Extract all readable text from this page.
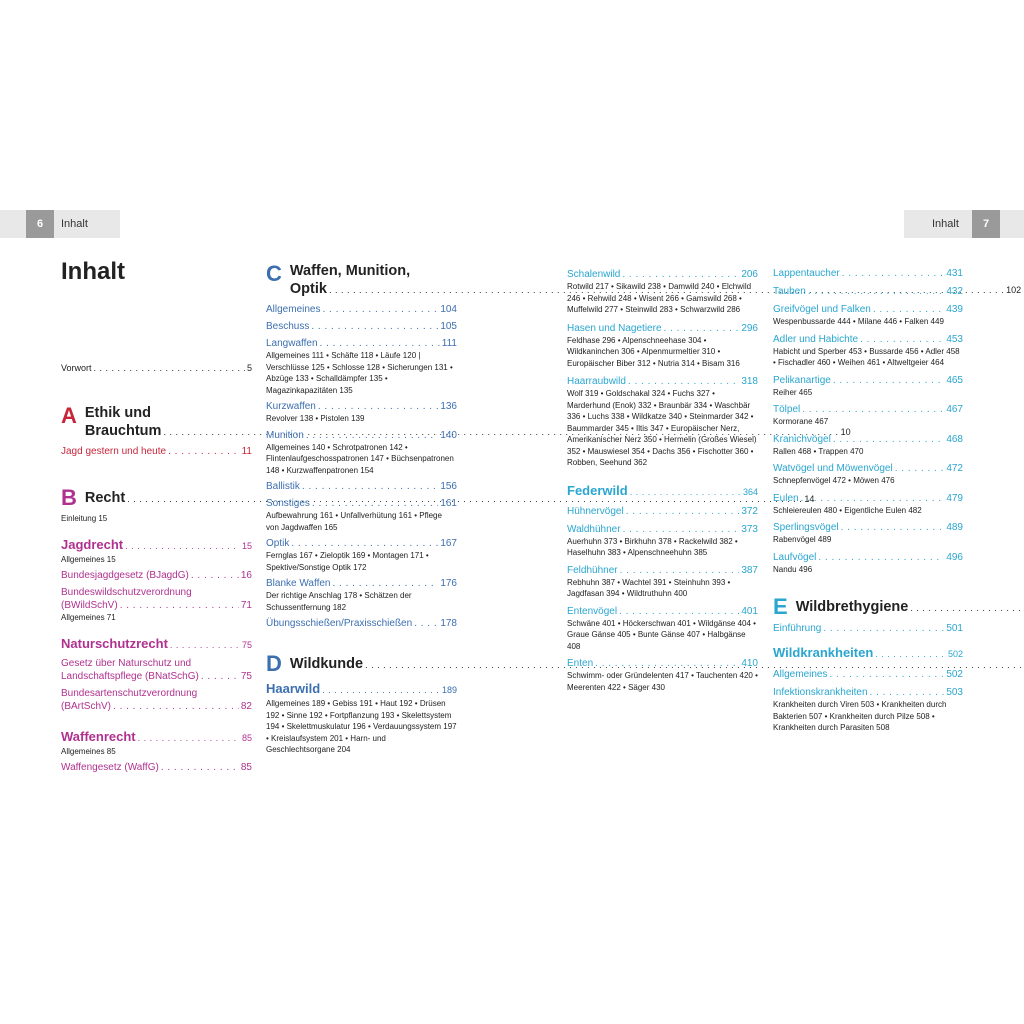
6	Inhalt	Inhalt	7
Inhalt
Vorwort . . .	5
A Ethik und
Brauchtum . . .	10
Jagd gestern und heute . . .	11
B Recht . . .	14
Einleitung 15
Jagdrecht . . .	15
Allgemeines 15
Bundesjagdgesetz (BJagdG) . . .	16
Bundeswildschutzverordnung
(BWildSchV) . . .	71
Allgemeines 71
Naturschutzrecht . . .	75
Gesetz über Naturschutz und
Landschaftspflege (BNatSchG) . . .	75
Bundesartenschutzverordnung
(BArtSchV) . . .	82
Waffenrecht . . .	85
Allgemeines 85
Waffengesetz (WaffG) . . .	85
C Waffen, Munition,
Optik . . .	102
Allgemeines . . .	104
Beschuss . . .	105
Langwaffen . . .	111
Allgemeines 111 • Schäfte 118 • Läufe 120 | Verschlüsse 125 • Schlosse 128 • Sicherungen 131 • Abzüge 133 • Schalldämpfer 135 • Magazinkapazitäten 135
Kurzwaffen . . .	136
Revolver 138 • Pistolen 139
Munition . . .	140
Allgemeines 140 • Schrotpatronen 142 • Flintenlaufgeschosspatronen 147 • Büchsenpatronen 148 • Kurzwaffenpatronen 154
Ballistik . . .	156
Sonstiges . . .	161
Aufbewahrung 161 • Unfallverhütung 161 • Pflege von Jagdwaffen 165
Optik . . .	167
Fernglas 167 • Zieloptik 169 • Montagen 171 • Spektive/Sonstige Optik 172
Blanke Waffen . . .	176
Der richtige Anschlag 178 • Schätzen der Schussentfernung 182
Übungsschießen/Praxisschießen . . .	178
D Wildkunde
. . .
Haarwild . . .	189
Allgemeines 189 • Gebiss 191 • Haut 192 • Drüsen 192 • Sinne 192 • Fortpflanzung 193 • Skelettsystem 194 • Skelettmuskulatur 196 • Verdauungssystem 197 • Kreislaufsystem 201 • Harn- und Geschlechtsorgane 204
Schalenwild . . .	206
Rotwild 217 • Sikawild 238 • Damwild 240 • Elchwild 246 • Rehwild 248 • Wisent 266 • Gamswild 268 • Muffelwild 277 • Steinwild 283 • Schwarzwild 286
Hasen und Nagetiere . . .	296
Feldhase 296 • Alpenschneehase 304 • Wildkaninchen 306 • Alpenmurmeltier 310 • Europäischer Biber 312 • Nutria 314 • Bisam 316
Haarraubwild . . .	318
Wolf 319 • Goldschakal 324 • Fuchs 327 • Marderhund (Enok) 332 • Braunbär 334 • Waschbär 336 • Luchs 338 • Wildkatze 340 • Steinmarder 342 • Baummarder 345 • Iltis 347 • Europäischer Nerz, Amerikanischer Nerz 350 • Hermelin (Großes Wiesel) 352 • Mauswiesel 354 • Dachs 356 • Fischotter 360 • Robben, Seehund 362
Federwild . . .	364
Hühnervögel . . .	372
Waldhühner . . .	373
Auerhuhn 373 • Birkhuhn 378 • Rackelwild 382 • Haselhuhn 383 • Alpenschneehuhn 385
Feldhühner . . .	387
Rebhuhn 387 • Wachtel 391 • Steinhuhn 393 • Jagdfasan 394 • Wildtruthuhn 400
Entenvögel . . .	401
Schwäne 401 • Höckerschwan 401 • Wildgänse 404 • Graue Gänse 405 • Bunte Gänse 407 • Halbgänse 408
Enten . . .	410
Schwimm- oder Gründelenten 417 • Tauchenten 420 • Meerenten 422 • Säger 430
Lappentaucher . . .	431
Tauben . . .	432
Greifvögel und Falken . . .	439
Wespenbussarde 444 • Milane 446 • Falken 449
Adler und Habichte . . .	453
Habicht und Sperber 453 • Bussarde 456 • Adler 458 • Fischadler 460 • Weihen 461 • Altweltgeier 464
Pelikanartige . . .	465
Reiher 465
Tölpel . . .	467
Kormorane 467
Kranichvögel . . .	468
Rallen 468 • Trappen 470
Watvögel und Möwenvögel . . .	472
Schnepfenvögel 472 • Möwen 476
Eulen . . .	479
Schleiereulen 480 • Eigentliche Eulen 482
Sperlingsvögel . . .	489
Rabenvögel 489
Laufvögel . . .	496
Nandu 496
E Wildbrethygiene
. . .
Einführung . . .	501
Wildkrankheiten . . .	502
Allgemeines . . .	502
Infektionskrankheiten . . .	503
Krankheiten durch Viren 503 • Krankheiten durch Bakterien 507 • Krankheiten durch Pilze 508 • Krankheiten durch Parasiten 508
